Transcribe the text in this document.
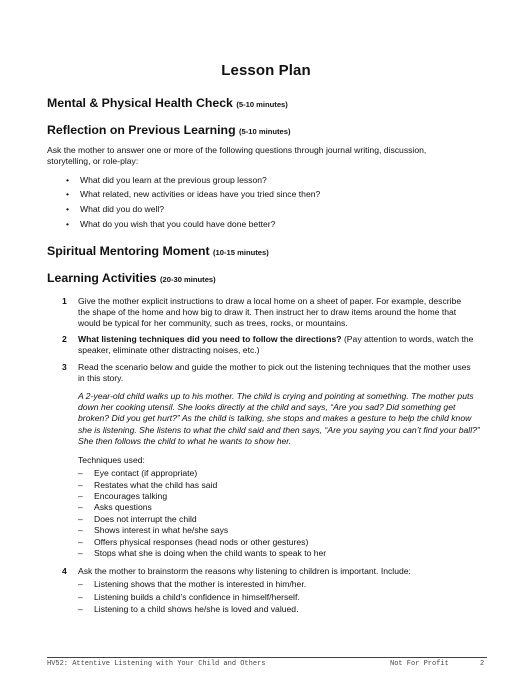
Lesson Plan
Mental & Physical Health Check (5-10 minutes)
Reflection on Previous Learning (5-10 minutes)
Ask the mother to answer one or more of the following questions through journal writing, discussion,
storytelling, or role-play:
• What did you learn at the previous group lesson?
• What related, new activities or ideas have you tried since then?
• What did you do well?
• What do you wish that you could have done better?
Spiritual Mentoring Moment (10-15 minutes)
Learning Activities (20-30 minutes)
1 Give the mother explicit instructions to draw a local home on a sheet of paper. For example, describe
the shape of the home and how big to draw it. Then instruct her to draw items around the home that
would be typical for her community, such as trees, rocks, or mountains.
2 What listening techniques did you need to follow the directions? (Pay attention to words, watch the
speaker, eliminate other distracting noises, etc.)
3 Read the scenario below and guide the mother to pick out the listening techniques that the mother uses
in this story.
A 2-year-old child walks up to his mother. The child is crying and pointing at something. The mother puts
down her cooking utensil. She looks directly at the child and says, “Are you sad? Did something get
broken? Did you get hurt?” As the child is talking, she stops and makes a gesture to help the child know
she is listening. She listens to what the child said and then says, “Are you saying you can’t find your ball?”
She then follows the child to what he wants to show her.
Techniques used:
– Eye contact (if appropriate)
– Restates what the child has said
– Encourages talking
– Asks questions
– Does not interrupt the child
– Shows interest in what he/she says
– Offers physical responses (head nods or other gestures)
– Stops what she is doing when the child wants to speak to her
4 Ask the mother to brainstorm the reasons why listening to children is important. Include:
– Listening shows that the mother is interested in him/her.
– Listening builds a child’s confidence in himself/herself.
– Listening to a child shows he/she is loved and valued.
HV52: Attentive Listening with Your Child and Others	Not For Profit	2
